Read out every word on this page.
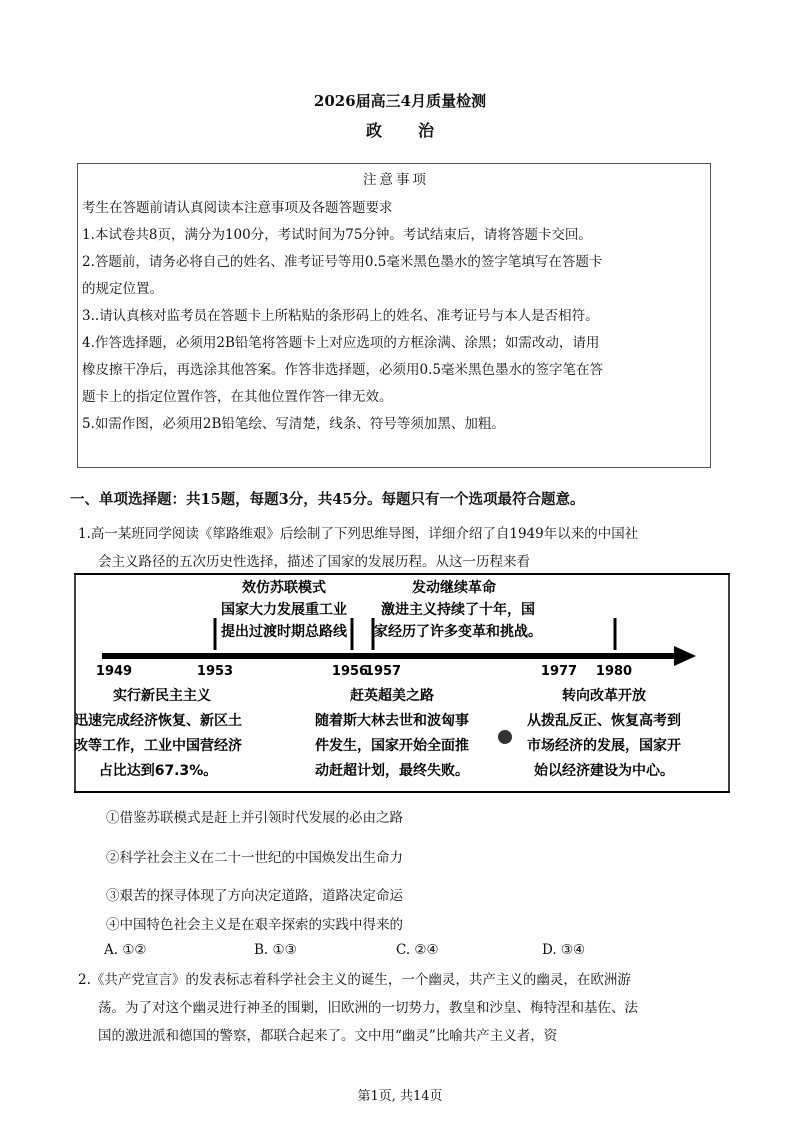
2026届高三4月质量检测
政治
注意事项

考生在答题前请认真阅读本注意事项及各题答题要求

1.本试卷共8页，满分为100分，考试时间为75分钟。考试结束后，请将答题卡交回。

2.答题前，请务必将自己的姓名、准考证号等用0.5毫米黑色墨水的签字笔填写在答题卡

的规定位置。

3..请认真核对监考员在答题卡上所粘贴的条形码上的姓名、准考证号与本人是否相符。

4.作答选择题，必须用2B铅笔将答题卡上对应选项的方框涂满、涂黑；如需改动，请用

橡皮擦干净后，再选涂其他答案。作答非选择题，必须用0.5毫米黑色墨水的签字笔在答

题卡上的指定位置作答，在其他位置作答一律无效。

5.如需作图，必须用2B铅笔绘、写清楚，线条、符号等须加黑、加粗。

一、单项选择题：共15题，每题3分，共45分。每题只有一个选项最符合题意。
1.高一某班同学阅读《筚路维艰》后绘制了下列思维导图，详细介绍了自1949年以来的中国社
会主义路径的五次历史性选择，描述了国家的发展历程。从这一历程来看
效仿苏联模式
国家大力发展重工业
提出过渡时期总路线
发动继续革命
激进主义持续了十年，国
家经历了许多变革和挑战。
1949	1953	1956
1957	1977 1980
实行新民主主义
迅速完成经济恢复、新区土
改等工作，工业中国营经济
占比达到67.3%。
赶英超美之路
随着斯大林去世和波匈事
件发生，国家开始全面推
动赶超计划，最终失败。
转向改革开放
从拨乱反正、恢复高考到
市场经济的发展，国家开
始以经济建设为中心。
①借鉴苏联模式是赶上并引领时代发展的必由之路
②科学社会主义在二十一世纪的中国焕发出生命力
③艰苦的探寻体现了方向决定道路，道路决定命运
④中国特色社会主义是在艰辛探索的实践中得来的
A. ①②	B. ①③	C. ②④	D. ③④
2.《共产党宣言》的发表标志着科学社会主义的诞生，一个幽灵，共产主义的幽灵，在欧洲游
荡。为了对这个幽灵进行神圣的围剿，旧欧洲的一切势力，教皇和沙皇、梅特涅和基佐、法
国的激进派和德国的警察，都联合起来了。文中用“幽灵”比喻共产主义者，资
第1页, 共14页
